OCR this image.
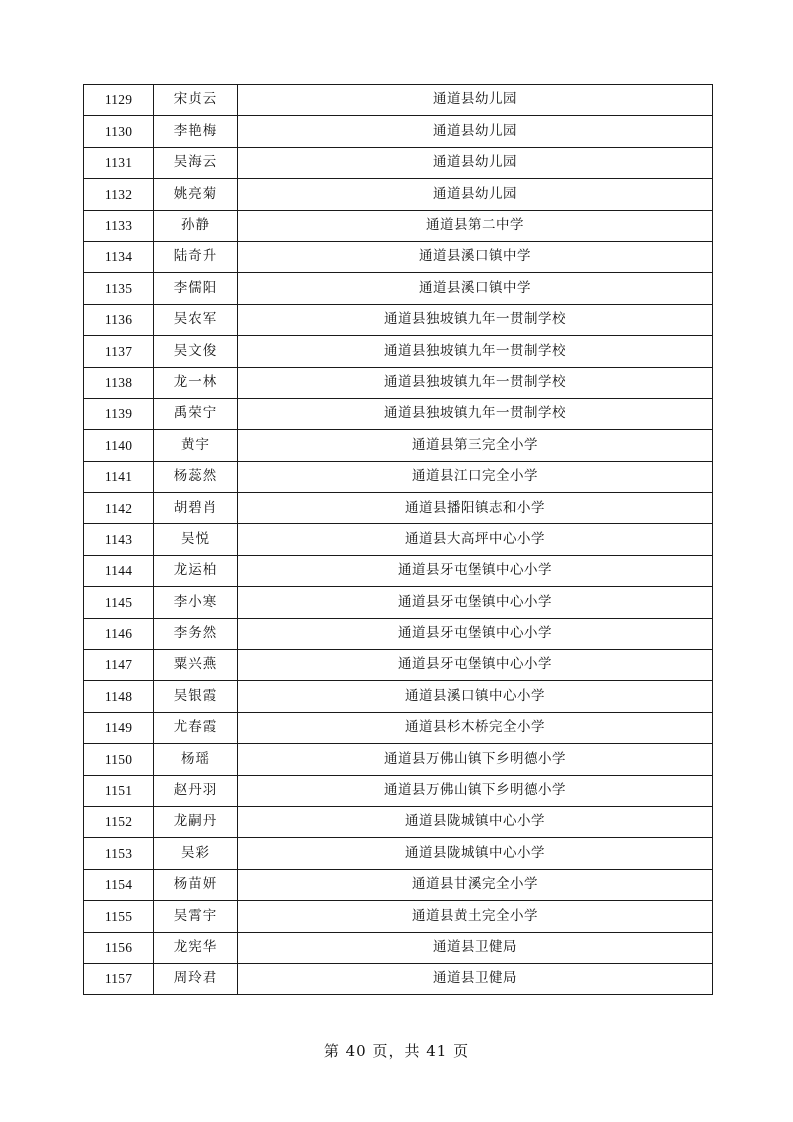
1129	宋贞云	通道县幼儿园
1130	李艳梅	通道县幼儿园
1131	吴海云	通道县幼儿园
1132	姚亮菊	通道县幼儿园
1133	孙静	通道县第二中学
1134	陆奇升	通道县溪口镇中学
1135	李儒阳	通道县溪口镇中学
1136	吴农军	通道县独坡镇九年一贯制学校
1137	吴文俊	通道县独坡镇九年一贯制学校
1138	龙一林	通道县独坡镇九年一贯制学校
1139	禹荣宁	通道县独坡镇九年一贯制学校
1140	黄宇	通道县第三完全小学
1141	杨蕊然	通道县江口完全小学
1142	胡碧肖	通道县播阳镇志和小学
1143	吴悦	通道县大高坪中心小学
1144	龙运柏	通道县牙屯堡镇中心小学
1145	李小寒	通道县牙屯堡镇中心小学
1146	李务然	通道县牙屯堡镇中心小学
1147	粟兴燕	通道县牙屯堡镇中心小学
1148	吴银霞	通道县溪口镇中心小学
1149	尤春霞	通道县杉木桥完全小学
1150	杨瑶	通道县万佛山镇下乡明德小学
1151	赵丹羽	通道县万佛山镇下乡明德小学
1152	龙嗣丹	通道县陇城镇中心小学
1153	吴彩	通道县陇城镇中心小学
1154	杨苗妍	通道县甘溪完全小学
1155	吴霄宇	通道县黄土完全小学
1156	龙宪华	通道县卫健局
1157	周玲君	通道县卫健局
第 40 页，共 41 页
